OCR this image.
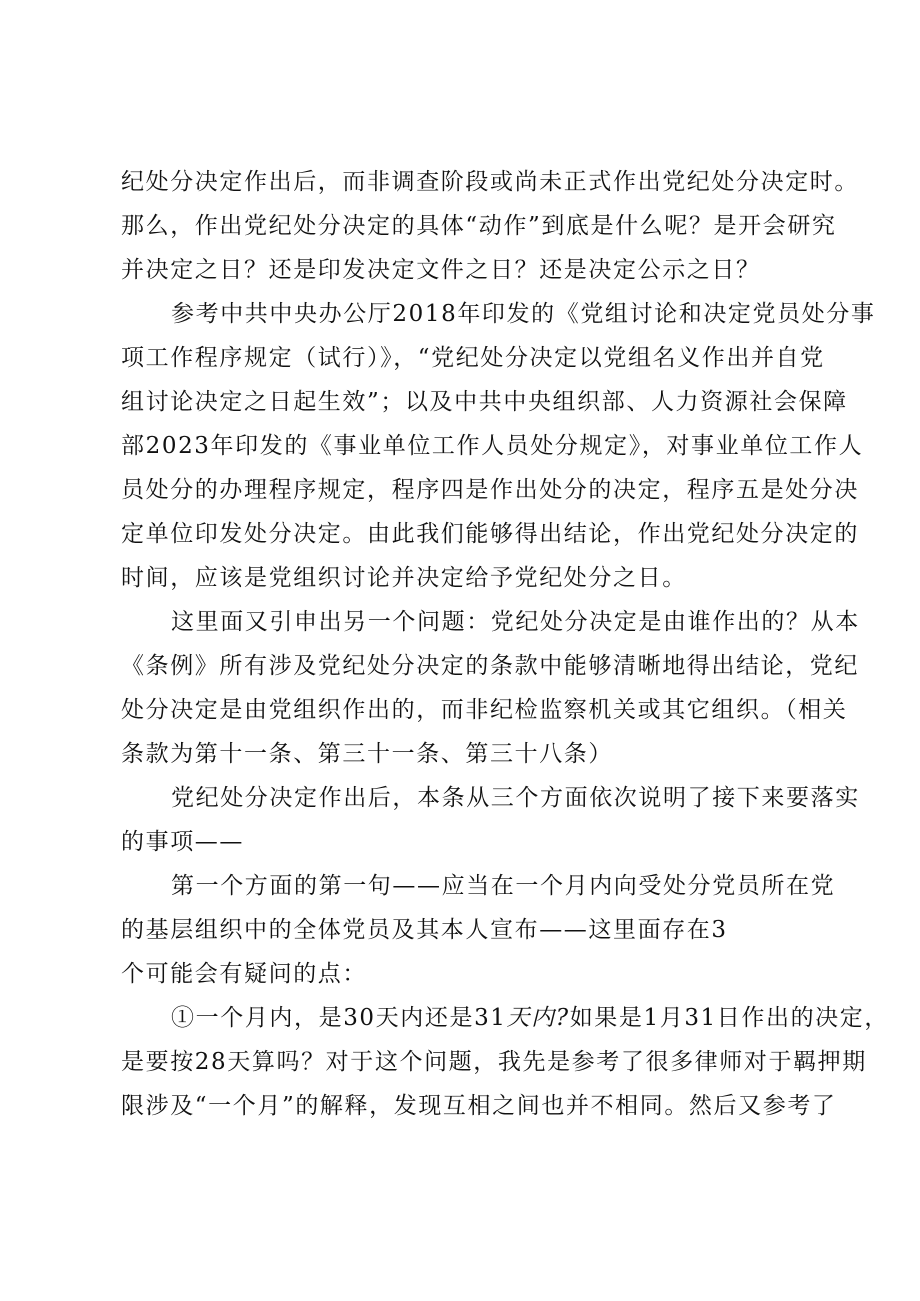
纪处分决定作出后，而非调查阶段或尚未正式作出党纪处分决定时。
那么，作出党纪处分决定的具体“动作”到底是什么呢？是开会研究
并决定之日？还是印发决定文件之日？还是决定公示之日？
参考中共中央办公厅2018年印发的《党组讨论和决定党员处分事
项工作程序规定（试行）》，“党纪处分决定以党组名义作出并自党
组讨论决定之日起生效”；以及中共中央组织部、人力资源社会保障
部2023年印发的《事业单位工作人员处分规定》，对事业单位工作人
员处分的办理程序规定，程序四是作出处分的决定，程序五是处分决
定单位印发处分决定。由此我们能够得出结论，作出党纪处分决定的
时间，应该是党组织讨论并决定给予党纪处分之日。
这里面又引申出另一个问题：党纪处分决定是由谁作出的？从本
《条例》所有涉及党纪处分决定的条款中能够清晰地得出结论，党纪
处分决定是由党组织作出的，而非纪检监察机关或其它组织。（相关
条款为第十一条、第三十一条、第三十八条）
党纪处分决定作出后，本条从三个方面依次说明了接下来要落实
的事项——
第一个方面的第一句——应当在一个月内向受处分党员所在党
的基层组织中的全体党员及其本人宣布——这里面存在3
个可能会有疑问的点：
①一个月内，是30天内还是31天内?如果是1月31日作出的决定，
是要按28天算吗？对于这个问题，我先是参考了很多律师对于羁押期
限涉及“一个月”的解释，发现互相之间也并不相同。然后又参考了
